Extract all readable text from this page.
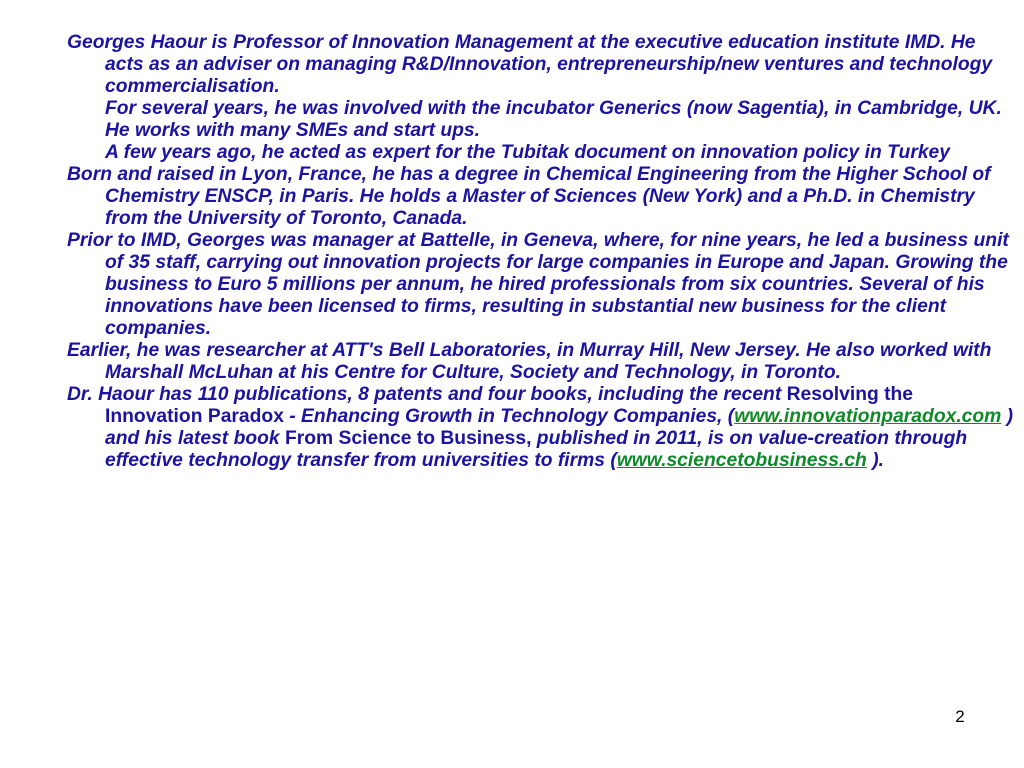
Georges Haour is Professor of Innovation Management at the executive education institute IMD. He acts as an adviser on managing R&D/Innovation, entrepreneurship/new ventures and technology commercialisation.

For several years, he was involved with the incubator Generics (now Sagentia), in Cambridge, UK. He works with many SMEs and start ups.

A few years ago, he acted as expert for the Tubitak document on innovation policy in Turkey

Born and raised in Lyon, France, he has a degree in Chemical Engineering from the Higher School of Chemistry ENSCP, in Paris. He holds a Master of Sciences (New York) and a Ph.D. in Chemistry from the University of Toronto, Canada.

Prior to IMD, Georges was manager at Battelle, in Geneva, where, for nine years, he led a business unit of 35 staff, carrying out innovation projects for large companies in Europe and Japan. Growing the business to Euro 5 millions per annum, he hired professionals from six countries. Several of his innovations have been licensed to firms, resulting in substantial new business for the client companies.

Earlier, he was researcher at ATT's Bell Laboratories, in Murray Hill, New Jersey. He also worked with Marshall McLuhan at his Centre for Culture, Society and Technology, in Toronto.

Dr. Haour has 110 publications, 8 patents and four books, including the recent Resolving the Innovation Paradox - Enhancing Growth in Technology Companies, (www.innovationparadox.com ) and his latest book From Science to Business, published in 2011, is on value-creation through effective technology transfer from universities to firms (www.sciencetobusiness.ch ).

2
